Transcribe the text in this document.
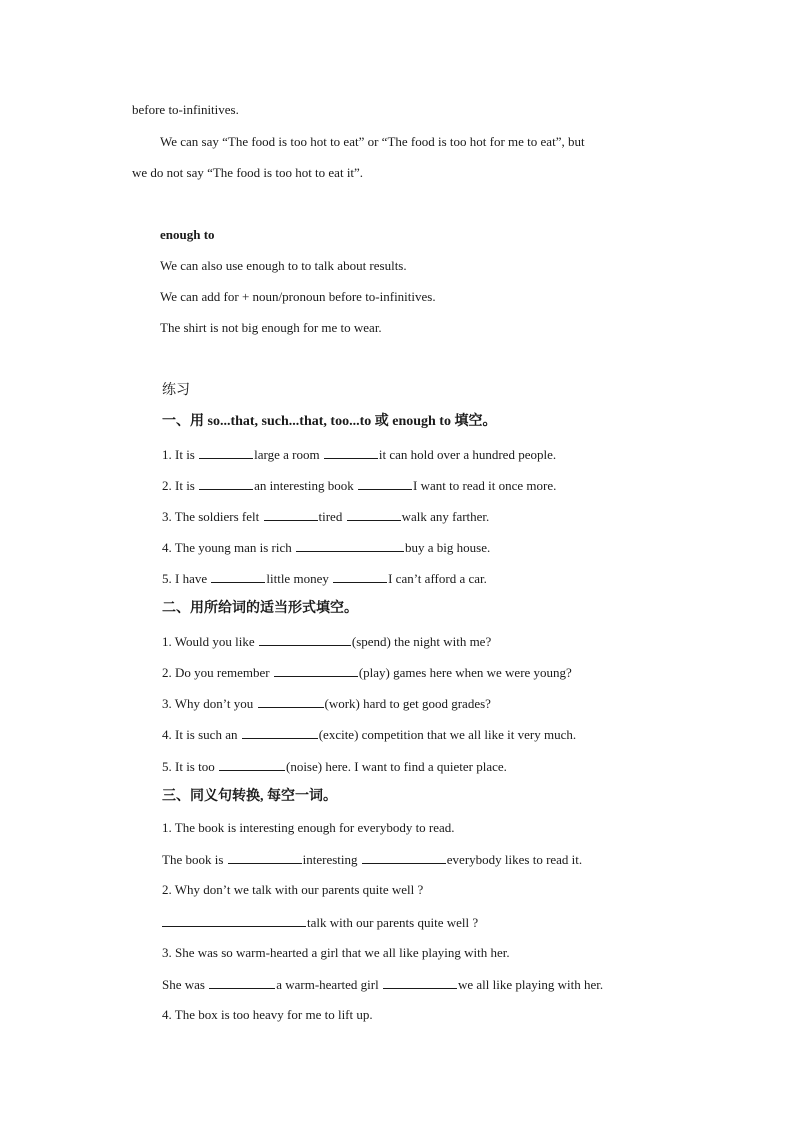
before to-infinitives.
We can say “The food is too hot to eat” or “The food is too hot for me to eat”, but
we do not say “The food is too hot to eat it”.
enough to
We can also use enough to to talk about results.
We can add for + noun/pronoun before to-infinitives.
The shirt is not big enough for me to wear.
练习
一、用 so...that, such...that, too...to 或 enough to 填空。
1. It is	large a room	it can hold over a hundred people.
2. It is	an interesting book	I want to read it once more.
3. The soldiers felt	tired	walk any farther.
4. The young man is rich	buy a big house.
5. I have	little money	I can’t afford a car.
二、用所给词的适当形式填空。
1. Would you like	(spend) the night with me?
2. Do you remember	(play) games here when we were young?
3. Why don’t you	(work) hard to get good grades?
4. It is such an	(excite) competition that we all like it very much.
5. It is too	(noise) here. I want to find a quieter place.
三、同义句转换, 每空一词。
1. The book is interesting enough for everybody to read.
The book is	interesting	everybody likes to read it.
2. Why don’t we talk with our parents quite well ?
talk with our parents quite well ?
3. She was so warm-hearted a girl that we all like playing with her.
She was	a warm-hearted girl	we all like playing with her.
4. The box is too heavy for me to lift up.
